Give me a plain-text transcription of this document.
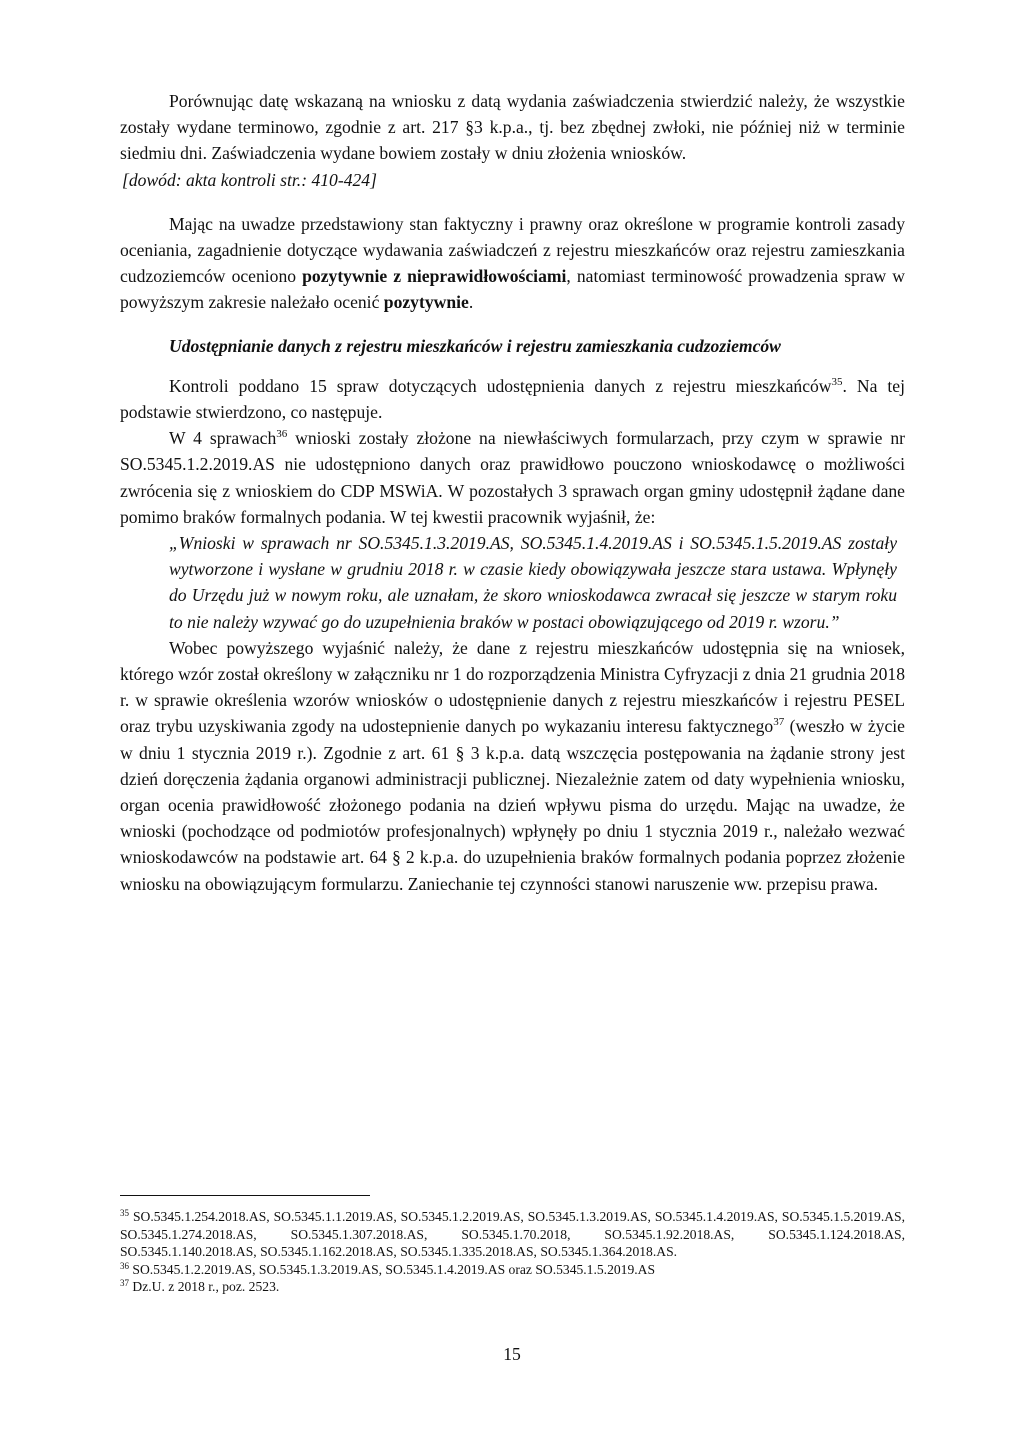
Porównując datę wskazaną na wniosku z datą wydania zaświadczenia stwierdzić należy, że wszystkie zostały wydane terminowo, zgodnie z art. 217 §3 k.p.a., tj. bez zbędnej zwłoki, nie później niż w terminie siedmiu dni. Zaświadczenia wydane bowiem zostały w dniu złożenia wniosków.

[dowód: akta kontroli str.: 410-424]

Mając na uwadze przedstawiony stan faktyczny i prawny oraz określone w programie kontroli zasady oceniania, zagadnienie dotyczące wydawania zaświadczeń z rejestru mieszkańców oraz rejestru zamieszkania cudzoziemców oceniono pozytywnie z nieprawidłowościami, natomiast terminowość prowadzenia spraw w powyższym zakresie należało ocenić pozytywnie.

Udostępnianie danych z rejestru mieszkańców i rejestru zamieszkania cudzoziemców

Kontroli poddano 15 spraw dotyczących udostępnienia danych z rejestru mieszkańców$^{35}$. Na tej podstawie stwierdzono, co następuje.

W 4 sprawach$^{36}$ wnioski zostały złożone na niewłaściwych formularzach, przy czym w sprawie nr SO.5345.1.2.2019.AS nie udostępniono danych oraz prawidłowo pouczono wnioskodawcę o możliwości zwrócenia się z wnioskiem do CDP MSWiA. W pozostałych 3 sprawach organ gminy udostępnił żądane dane pomimo braków formalnych podania. W tej kwestii pracownik wyjaśnił, że:

„Wnioski w sprawach nr SO.5345.1.3.2019.AS, SO.5345.1.4.2019.AS i SO.5345.1.5.2019.AS zostały wytworzone i wysłane w grudniu 2018 r. w czasie kiedy obowiązywała jeszcze stara ustawa. Wpłynęły do Urzędu już w nowym roku, ale uznałam, że skoro wnioskodawca zwracał się jeszcze w starym roku to nie należy wzywać go do uzupełnienia braków w postaci obowiązującego od 2019 r. wzoru.”

Wobec powyższego wyjaśnić należy, że dane z rejestru mieszkańców udostępnia się na wniosek, którego wzór został określony w załączniku nr 1 do rozporządzenia Ministra Cyfryzacji z dnia 21 grudnia 2018 r. w sprawie określenia wzorów wniosków o udostępnienie danych z rejestru mieszkańców i rejestru PESEL oraz trybu uzyskiwania zgody na udostepnienie danych po wykazaniu interesu faktycznego$^{37}$ (weszło w życie w dniu 1 stycznia 2019 r.). Zgodnie z art. 61 § 3 k.p.a. datą wszczęcia postępowania na żądanie strony jest dzień doręczenia żądania organowi administracji publicznej. Niezależnie zatem od daty wypełnienia wniosku, organ ocenia prawidłowość złożonego podania na dzień wpływu pisma do urzędu. Mając na uwadze, że wnioski (pochodzące od podmiotów profesjonalnych) wpłynęły po dniu 1 stycznia 2019 r., należało wezwać wnioskodawców na podstawie art. 64 § 2 k.p.a. do uzupełnienia braków formalnych podania poprzez złożenie wniosku na obowiązującym formularzu. Zaniechanie tej czynności stanowi naruszenie ww. przepisu prawa.

$^{35}$ SO.5345.1.254.2018.AS, SO.5345.1.1.2019.AS, SO.5345.1.2.2019.AS, SO.5345.1.3.2019.AS, SO.5345.1.4.2019.AS, SO.5345.1.5.2019.AS, SO.5345.1.274.2018.AS, SO.5345.1.307.2018.AS, SO.5345.1.70.2018, SO.5345.1.92.2018.AS, SO.5345.1.124.2018.AS, SO.5345.1.140.2018.AS, SO.5345.1.162.2018.AS, SO.5345.1.335.2018.AS, SO.5345.1.364.2018.AS.

$^{36}$ SO.5345.1.2.2019.AS, SO.5345.1.3.2019.AS, SO.5345.1.4.2019.AS oraz SO.5345.1.5.2019.AS

$^{37}$ Dz.U. z 2018 r., poz. 2523.

15
